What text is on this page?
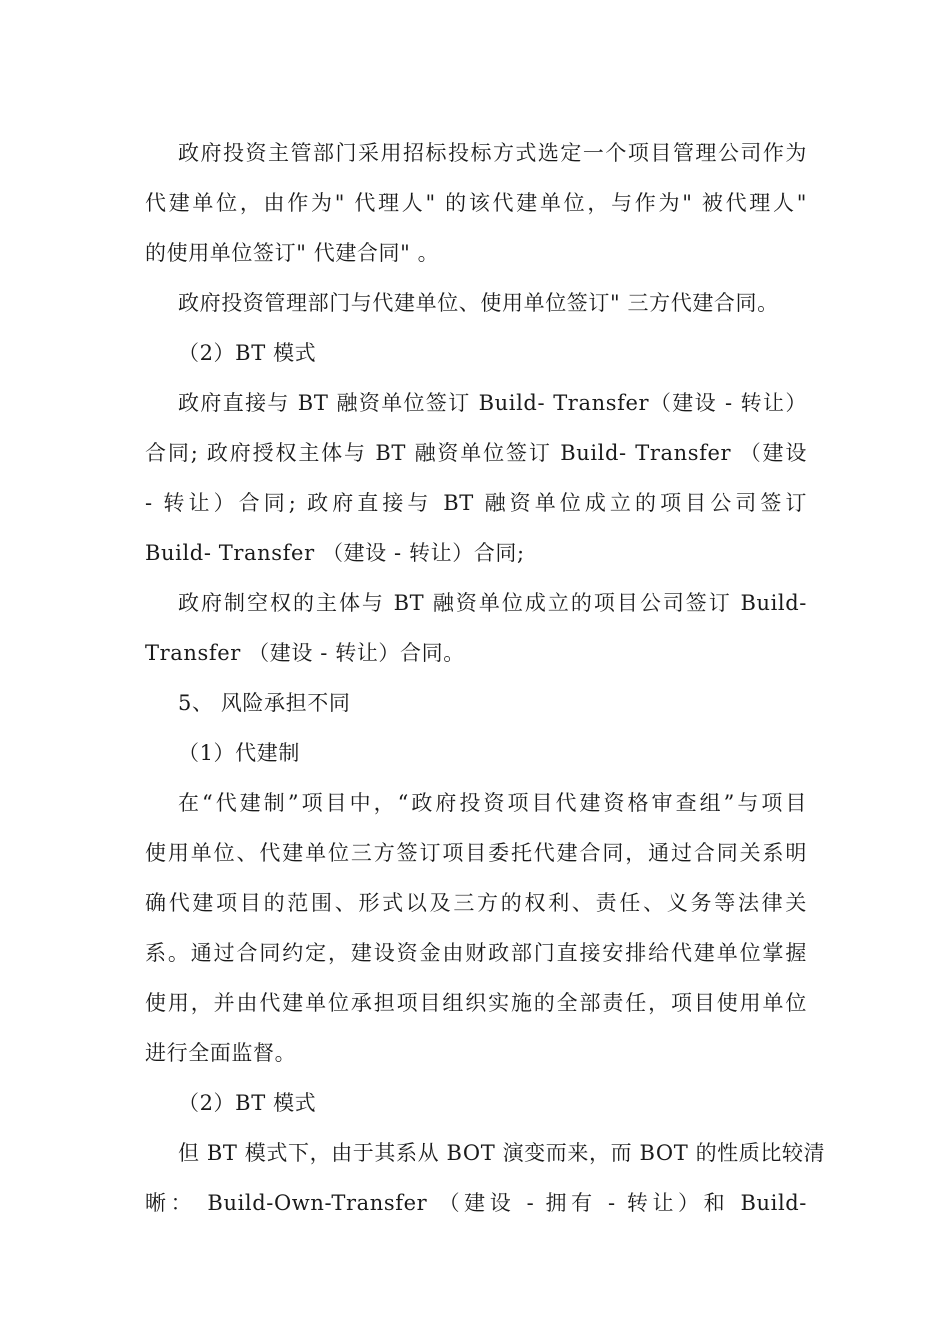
政府投资主管部门采用招标投标方式选定一个项目管理公司作为
代建单位，由作为" 代理人" 的该代建单位，与作为" 被代理人"
的使用单位签订" 代建合同" 。
政府投资管理部门与代建单位、使用单位签订" 三方代建合同。
（2）BT 模式
政府直接与 BT 融资单位签订 Build- Transfer（建设 - 转让）
合同; 政府授权主体与 BT 融资单位签订 Build- Transfer （建设
- 转让）合同; 政府直接与 BT 融资单位成立的项目公司签订
Build- Transfer （建设 - 转让）合同;
政府制空权的主体与 BT 融资单位成立的项目公司签订 Build-
Transfer （建设 - 转让）合同。
5、 风险承担不同
（1）代建制
在“代建制”项目中，“政府投资项目代建资格审查组”与项目
使用单位、代建单位三方签订项目委托代建合同，通过合同关系明
确代建项目的范围、形式以及三方的权利、责任、义务等法律关
系。通过合同约定，建设资金由财政部门直接安排给代建单位掌握
使用，并由代建单位承担项目组织实施的全部责任，项目使用单位
进行全面监督。
（2）BT 模式
但 BT 模式下，由于其系从 BOT 演变而来，而 BOT 的性质比较清
晰： Build-Own-Transfer （建设 - 拥有 - 转让）和 Build-
